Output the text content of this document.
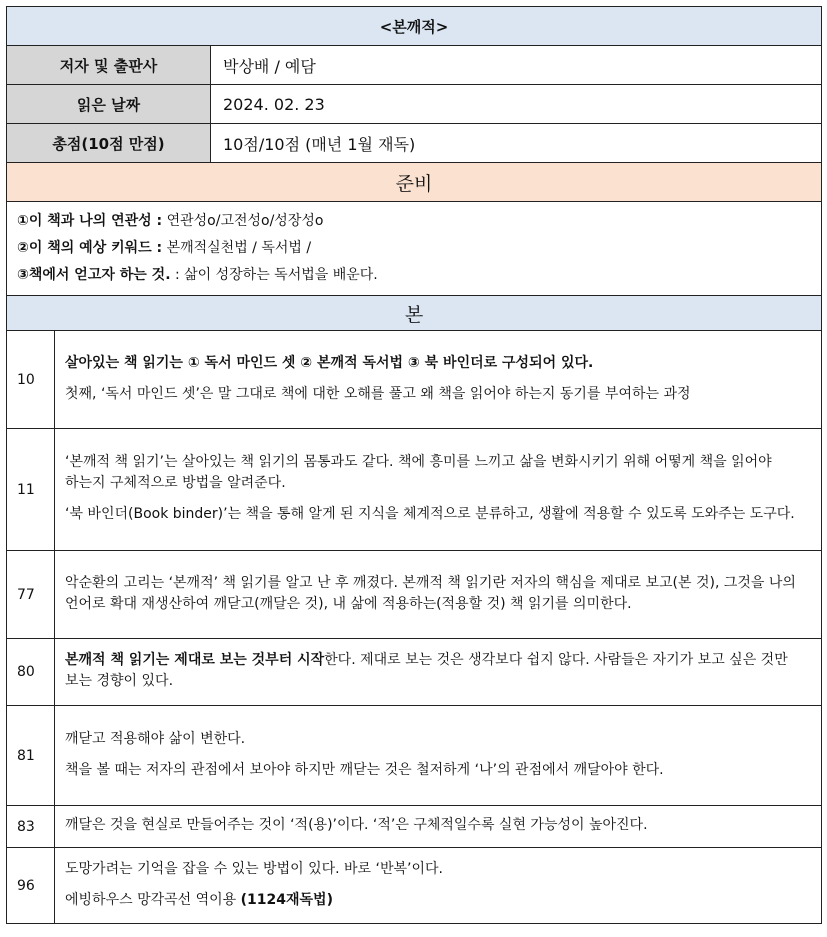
<본깨적>		
저자 및 출판사		박상배 / 예담
읽은 날짜		2024. 02. 23
총점(10점 만점)		10점/10점 (매년 1월 재독)
준비		

①이 책과 나의 연관성 : 연관성o/고전성o/성장성o
②이 책의 예상 키워드 : 본깨적실천법 / 독서법 /
③책에서 얻고자 하는 것. : 삶이 성장하는 독서법을 배운다.		

본		
10	살아있는 책 읽기는 ① 독서 마인드 셋 ② 본깨적 독서법 ③ 북 바인더로 구성되어 있다.

첫째, ‘독서 마인드 셋’은 말 그대로 책에 대한 오해를 풀고 왜 책을 읽어야 하는지 동기를 부여하는 과정	

11	‘본깨적 책 읽기’는 살아있는 책 읽기의 몸통과도 같다. 책에 흥미를 느끼고 삶을 변화시키기 위해 어떻게 책을 읽어야 하는지 구체적으로 방법을 알려준다.

‘북 바인더(Book binder)’는 책을 통해 알게 된 지식을 체계적으로 분류하고, 생활에 적용할 수 있도록 도와주는 도구다.	

77	악순환의 고리는 ‘본깨적’ 책 읽기를 알고 난 후 깨졌다. 본깨적 책 읽기란 저자의 핵심을 제대로 보고(본 것), 그것을 나의 언어로 확대 재생산하여 깨닫고(깨달은 것), 내 삶에 적용하는(적용할 것) 책 읽기를 의미한다.	

80	본깨적 책 읽기는 제대로 보는 것부터 시작한다. 제대로 보는 것은 생각보다 쉽지 않다. 사람들은 자기가 보고 싶은 것만 보는 경향이 있다.	

81	깨닫고 적용해야 삶이 변한다.

책을 볼 때는 저자의 관점에서 보아야 하지만 깨닫는 것은 철저하게 ‘나’의 관점에서 깨달아야 한다.	

83	깨달은 것을 현실로 만들어주는 것이 ‘적(용)’이다. ‘적’은 구체적일수록 실현 가능성이 높아진다.	

96	도망가려는 기억을 잡을 수 있는 방법이 있다. 바로 ‘반복’이다.

에빙하우스 망각곡선 역이용 (1124재독법)	
